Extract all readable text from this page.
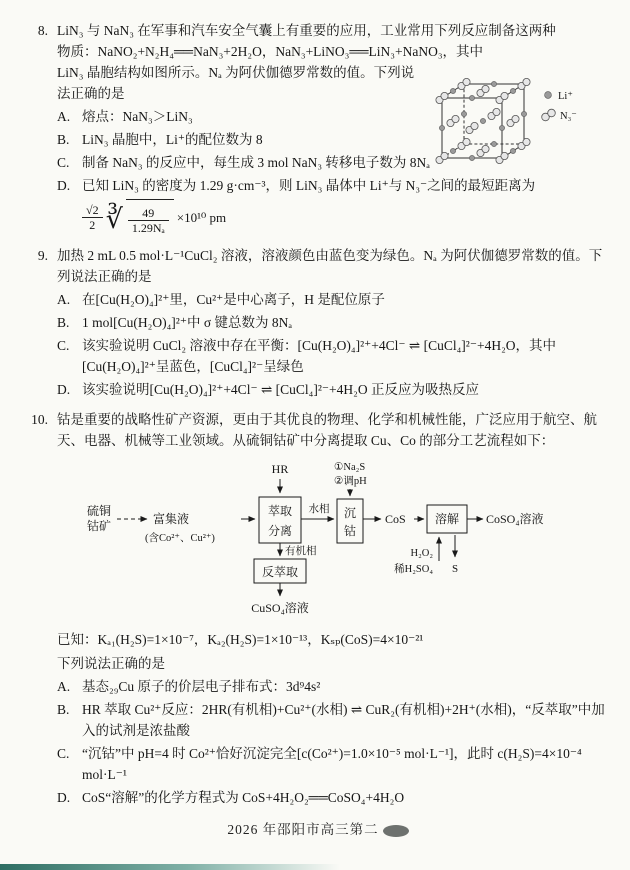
8.
Li⁺
N₃⁻
LiN₃ 与 NaN₃ 在军事和汽车安全气囊上有重要的应用，工业常用下列反应制备这两种
物质：NaNO₂+N₂H₄══NaN₃+2H₂O，NaN₃+LiNO₃══LiN₃+NaNO₃，其中
LiN₃ 晶胞结构如图所示。Nₐ 为阿伏伽德罗常数的值。下列说
法正确的是
A. 熔点：NaN₃＞LiN₃
B. LiN₃ 晶胞中，Li⁺的配位数为 8
C. 制备 NaN₃ 的反应中，每生成 3 mol NaN₃ 转移电子数为 8Nₐ
D. 已知 LiN₃ 的密度为 1.29 g·cm⁻³，则 LiN₃ 晶体中 Li⁺与 N₃⁻之间的最短距离为
$\frac{√2}{2}$ ∛ $\frac{49}{\text{1.29Nₐ}} \times 10^{10}$ pm
9. 加热 2 mL 0.5 mol·L⁻¹CuCl₂ 溶液，溶液颜色由蓝色变为绿色。Nₐ 为阿伏伽德罗常数的值。下列说法正确的是
A. 在[Cu(H₂O)₄]²⁺里，Cu²⁺是中心离子，H 是配位原子
B. 1 mol[Cu(H₂O)₄]²⁺中 σ 键总数为 8Nₐ
C. 该实验说明 CuCl₂ 溶液中存在平衡：[Cu(H₂O)₄]²⁺+4Cl⁻ ⇌ [CuCl₄]²⁻+4H₂O，其中[Cu(H₂O)₄]²⁺呈蓝色，[CuCl₄]²⁻呈绿色
D. 该实验说明[Cu(H₂O)₄]²⁺+4Cl⁻ ⇌ [CuCl₄]²⁻+4H₂O 正反应为吸热反应
10. 钴是重要的战略性矿产资源，更由于其优良的物理、化学和机械性能，广泛应用于航空、航天、电器、机械等工业领域。从硫铜钴矿中分离提取 Cu、Co 的部分工艺流程如下：
硫铜
钴矿	富集液
(含Co²⁺、Cu²⁺)
HR
萃取
分离
水相
①Na₂S
②调pH
沉
钴
CoS 溶解 CoSO₄溶液
H₂O₂
稀H₂SO₄ S
有机相
反萃取
CuSO₄溶液
已知：Kₐ₁(H₂S)=1×10⁻⁷，Kₐ₂(H₂S)=1×10⁻¹³，Kₛₚ(CoS)=4×10⁻²¹
下列说法正确的是
A. 基态₂₉Cu 原子的价层电子排布式：3d⁹4s²
B. HR 萃取 Cu²⁺反应：2HR(有机相)+Cu²⁺(水相) ⇌ CuR₂(有机相)+2H⁺(水相)，“反萃取”中加入的试剂是浓盐酸
C. “沉钴”中 pH=4 时 Co²⁺恰好沉淀完全[c(Co²⁺)=1.0×10⁻⁵ mol·L⁻¹]，此时 c(H₂S)=4×10⁻⁴ mol·L⁻¹
D. CoS“溶解”的化学方程式为 CoS+4H₂O₂══CoSO₄+4H₂O
2026 年邵阳市高三第二
